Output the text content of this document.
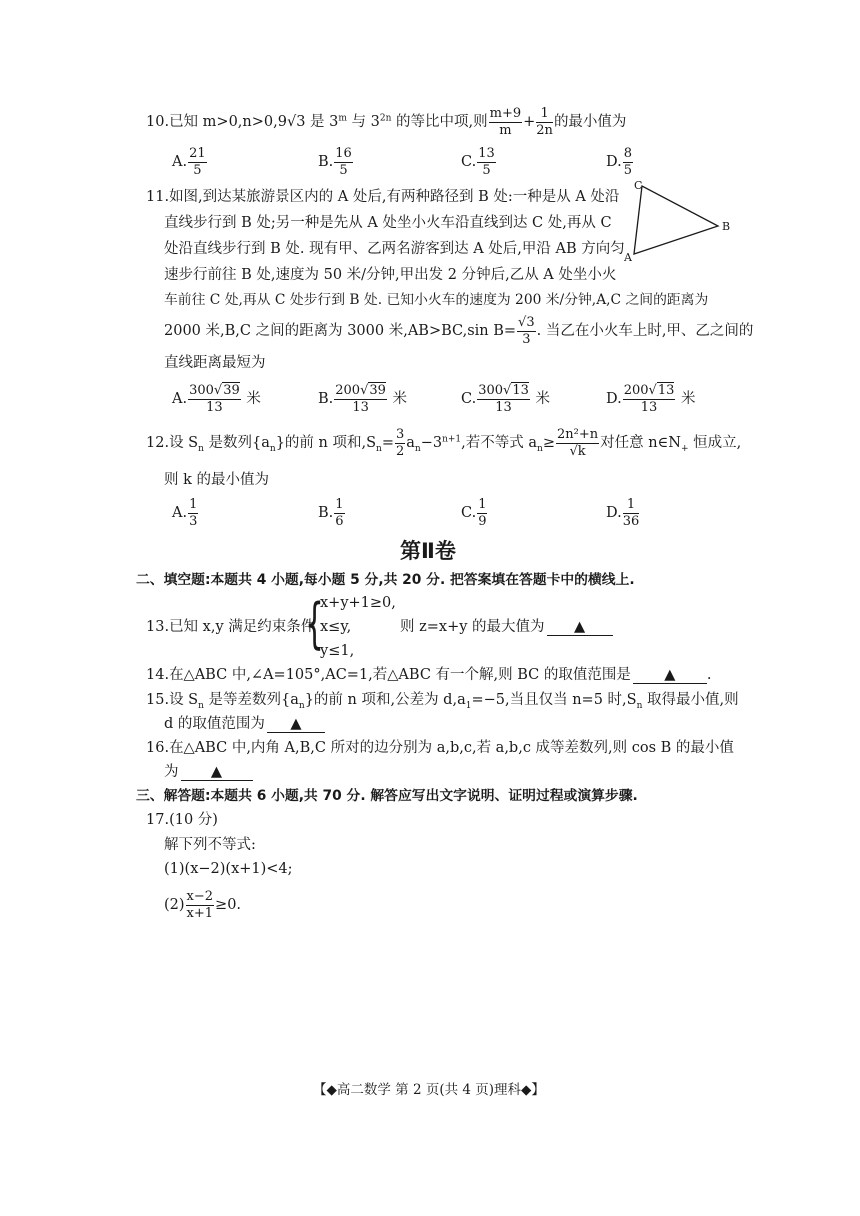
10.已知 m>0,n>0,9√3 是 3$^m$ 与 $3^{2n}$ 的等比中项,则 $\frac{m+9}{m} + \frac{1}{2n}$ 的最小值为
A. $\frac{21}{5}$	B. $\frac{16}{5}$	C. $\frac{13}{5}$	D. $\frac{8}{5}$
11.如图,到达某旅游景区内的 A 处后,有两种路径到 B 处:一种是从 A 处沿
直线步行到 B 处;另一种是先从 A 处坐小火车沿直线到达 C 处,再从 C
处沿直线步行到 B 处. 现有甲、乙两名游客到达 A 处后,甲沿 AB 方向匀
速步行前往 B 处,速度为 50 米/分钟,甲出发 2 分钟后,乙从 A 处坐小火
车前往 C 处,再从 C 处步行到 B 处. 已知小火车的速度为 200 米/分钟,A,C 之间的距离为
2000 米,B,C 之间的距离为 3000 米,AB>BC,sin $B= \frac{√3}{3}$ . 当乙在小火车上时,甲、乙之间的
直线距离最短为
C
B
A
A. $\frac{300√39}{13}$ 米	B. $\frac{200√39}{13}$ 米	C. $\frac{300√13}{13}$ 米	D. $\frac{200√13}{13}$ 米
12.设 $S_n$ 是数列$\{a_n\}$的前 n 项和$,S_n= \frac{3}{2} a_n-3^{n+1}$,若不等式 $a_n\ge \frac{\text{2n²+n}}{√k}$ 对任意 $n\in N_+$ 恒成立,
则 k 的最小值为
A. $\frac{1}{3}$	B. $\frac{1}{6}$	C. $\frac{1}{9}$	D. $\frac{1}{36}$
第Ⅱ卷
二、填空题:本题共 4 小题,每小题 5 分,共 20 分. 把答案填在答题卡中的横线上.
13.已知 x,y 满足约束条件
{
x+y+1≥0,
x≤y,
y≤1,
则 z=x+y 的最大值为 ▲
14.在△ABC 中,∠A=105°,AC=1,若△ABC 有一个解,则 BC 的取值范围是 ▲ .
15.设 $S_n$ 是等差数列$\{a_n\}$的前 n 项和,公差为 $d,a_1=-5$,当且仅当 n=5 时$,S_n$ 取得最小值,则
d 的取值范围为 ▲
16.在△ABC 中,内角 A,B,C 所对的边分别为 a,b,c,若 a,b,c 成等差数列,则 cos B 的最小值
为 ▲
三、解答题:本题共 6 小题,共 70 分. 解答应写出文字说明、证明过程或演算步骤.
17.(10 分)
解下列不等式:
(1)(x−2)(x+1)<4;
$(2) \frac{x-2}{x+1} \ge 0$.
【◆高二数学 第 2 页(共 4 页)理科◆】
